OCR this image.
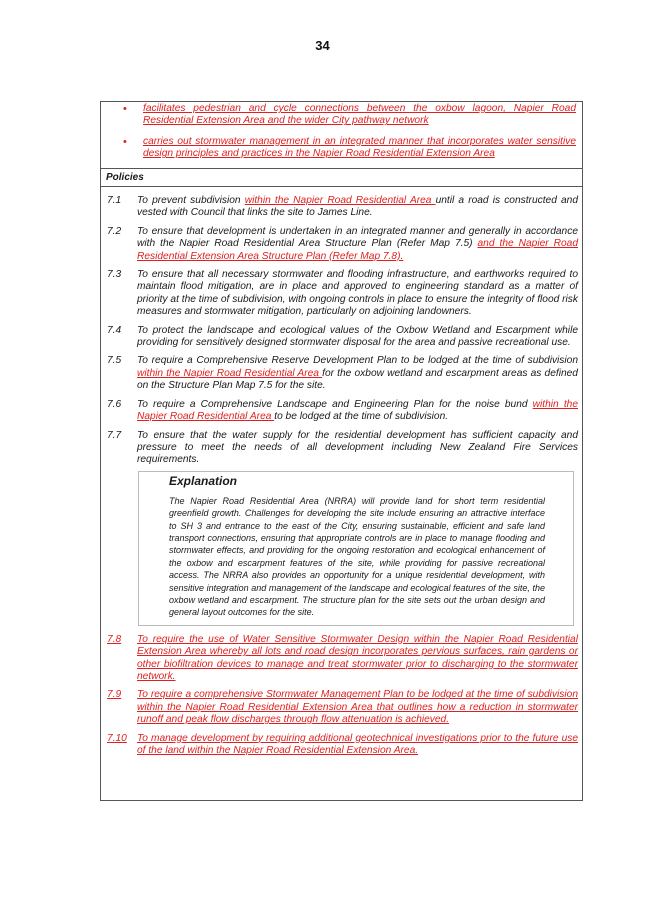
34
•	facilitates pedestrian and cycle connections between the oxbow lagoon, Napier Road Residential Extension Area and the wider City pathway network
•	carries out stormwater management in an integrated manner that incorporates water sensitive design principles and practices in the Napier Road Residential Extension Area
Policies
7.1	To prevent subdivision within the Napier Road Residential Area until a road is constructed and vested with Council that links the site to James Line.
7.2	To ensure that development is undertaken in an integrated manner and generally in accordance with the Napier Road Residential Area Structure Plan (Refer Map 7.5) and the Napier Road Residential Extension Area Structure Plan (Refer Map 7.8).
7.3	To ensure that all necessary stormwater and flooding infrastructure, and earthworks required to maintain flood mitigation, are in place and approved to engineering standard as a matter of priority at the time of subdivision, with ongoing controls in place to ensure the integrity of flood risk measures and stormwater mitigation, particularly on adjoining landowners.
7.4	To protect the landscape and ecological values of the Oxbow Wetland and Escarpment while providing for sensitively designed stormwater disposal for the area and passive recreational use.
7.5	To require a Comprehensive Reserve Development Plan to be lodged at the time of subdivision within the Napier Road Residential Area for the oxbow wetland and escarpment areas as defined on the Structure Plan Map 7.5 for the site.
7.6	To require a Comprehensive Landscape and Engineering Plan for the noise bund within the Napier Road Residential Area to be lodged at the time of subdivision.
7.7	To ensure that the water supply for the residential development has sufficient capacity and pressure to meet the needs of all development including New Zealand Fire Services requirements.
Explanation
The Napier Road Residential Area (NRRA) will provide land for short term residential greenfield growth. Challenges for developing the site include ensuring an attractive interface to SH 3 and entrance to the east of the City, ensuring sustainable, efficient and safe land transport connections, ensuring that appropriate controls are in place to manage flooding and stormwater effects, and providing for the ongoing restoration and ecological enhancement of the oxbow and escarpment features of the site, while providing for passive recreational access. The NRRA also provides an opportunity for a unique residential development, with sensitive integration and management of the landscape and ecological features of the site, the oxbow wetland and escarpment. The structure plan for the site sets out the urban design and general layout outcomes for the site.
7.8	To require the use of Water Sensitive Stormwater Design within the Napier Road Residential Extension Area whereby all lots and road design incorporates pervious surfaces, rain gardens or other biofiltration devices to manage and treat stormwater prior to discharging to the stormwater network.
7.9	To require a comprehensive Stormwater Management Plan to be lodged at the time of subdivision within the Napier Road Residential Extension Area that outlines how a reduction in stormwater runoff and peak flow discharges through flow attenuation is achieved.
7.10 To manage development by requiring additional geotechnical investigations prior to the future use of the land within the Napier Road Residential Extension Area.
